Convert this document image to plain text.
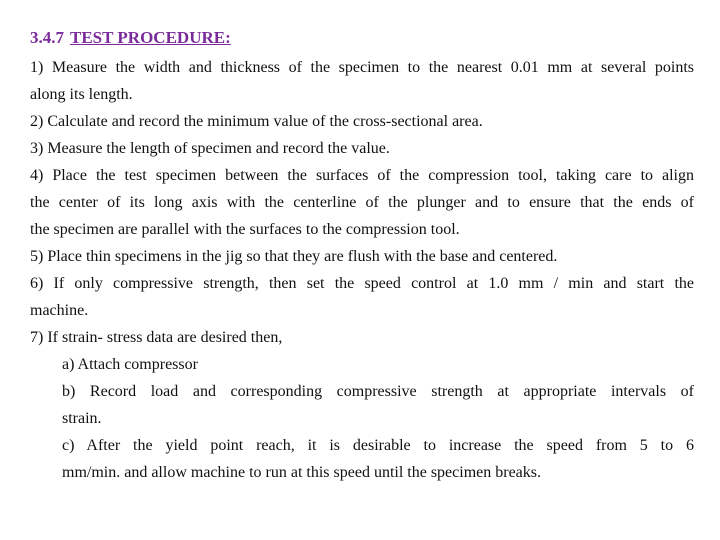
3.4.7 TEST PROCEDURE:
1) Measure the width and thickness of the specimen to the nearest 0.01 mm at several points
along its length.
2) Calculate and record the minimum value of the cross-sectional area.
3) Measure the length of specimen and record the value.
4) Place the test specimen between the surfaces of the compression tool, taking care to align
the center of its long axis with the centerline of the plunger and to ensure that the ends of
the specimen are parallel with the surfaces to the compression tool.
5) Place thin specimens in the jig so that they are flush with the base and centered.
6) If only compressive strength, then set the speed control at 1.0 mm / min and start the
machine.
7) If strain- stress data are desired then,
a) Attach compressor
b) Record load and corresponding compressive strength at appropriate intervals of
strain.
c) After the yield point reach, it is desirable to increase the speed from 5 to 6
mm/min. and allow machine to run at this speed until the specimen breaks.
